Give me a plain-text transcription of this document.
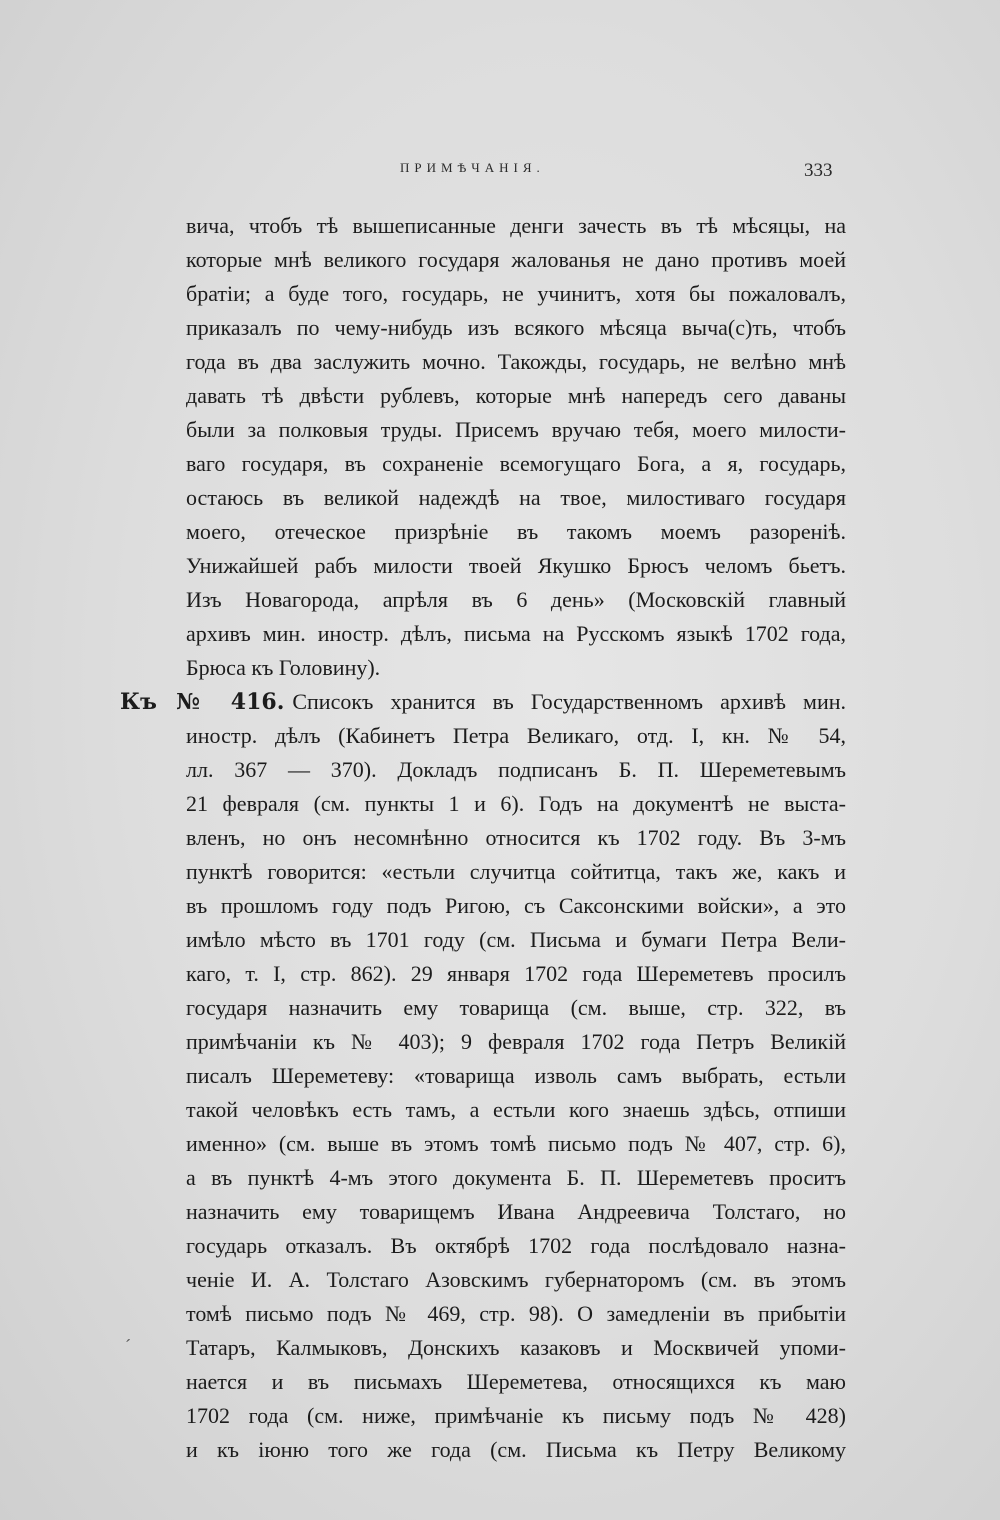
ПРИМѢЧАНІЯ.	333
вича, чтобъ тѣ вышеписанные денги зачесть въ тѣ мѣсяцы, на
которые мнѣ великого государя жалованья не дано противъ моей
братіи; а буде того, государь, не учинитъ, хотя бы пожаловалъ,
приказалъ по чему-нибудь изъ всякого мѣсяца выча(с)ть, чтобъ
года въ два заслужить мочно. Такожды, государь, не велѣно мнѣ
давать тѣ двѣсти рублевъ, которые мнѣ напередъ сего даваны
были за полковыя труды. Присемъ вручаю тебя, моего милости-
ваго государя, въ сохраненіе всемогущаго Бога, а я, государь,
остаюсь въ великой надеждѣ на твое, милостиваго государя
моего, отеческое призрѣніе въ такомъ моемъ разореніѣ.
Унижайшей рабъ милости твоей Якушко Брюсъ челомъ бьетъ.
Изъ Новагорода, апрѣля въ 6 день» (Московскій главный
архивъ мин. иностр. дѣлъ, письма на Русскомъ языкѣ 1702 года,
Брюса къ Головину).
Къ № 416. Списокъ хранится въ Государственномъ архивѣ мин.
иностр. дѣлъ (Кабинетъ Петра Великаго, отд. I, кн. № 54,
лл. 367 — 370). Докладъ подписанъ Б. П. Шереметевымъ
21 февраля (см. пункты 1 и 6). Годъ на документѣ не выста-
вленъ, но онъ несомнѣнно относится къ 1702 году. Въ 3-мъ
пунктѣ говорится: «естьли случитца сойтитца, такъ же, какъ и
въ прошломъ году подъ Ригою, съ Саксонскими войски», а это
имѣло мѣсто въ 1701 году (см. Письма и бумаги Петра Вели-
каго, т. I, стр. 862). 29 января 1702 года Шереметевъ просилъ
государя назначить ему товарища (см. выше, стр. 322, въ
примѣчаніи къ № 403); 9 февраля 1702 года Петръ Великій
писалъ Шереметеву: «товарища изволь самъ выбрать, естьли
такой человѣкъ есть тамъ, а естьли кого знаешь здѣсь, отпиши
именно» (см. выше въ этомъ томѣ письмо подъ № 407, стр. 6),
а въ пунктѣ 4-мъ этого документа Б. П. Шереметевъ проситъ
назначить ему товарищемъ Ивана Андреевича Толстаго, но
государь отказалъ. Въ октябрѣ 1702 года послѣдовало назна-
ченіе И. А. Толстаго Азовскимъ губернаторомъ (см. въ этомъ
томѣ письмо подъ № 469, стр. 98). О замедленіи въ прибытіи
Татаръ, Калмыковъ, Донскихъ казаковъ и Москвичей упоми-
нается и въ письмахъ Шереметева, относящихся къ маю
1702 года (см. ниже, примѣчаніе къ письму подъ № 428)
и къ іюню того же года (см. Письма къ Петру Великому
ˊ
